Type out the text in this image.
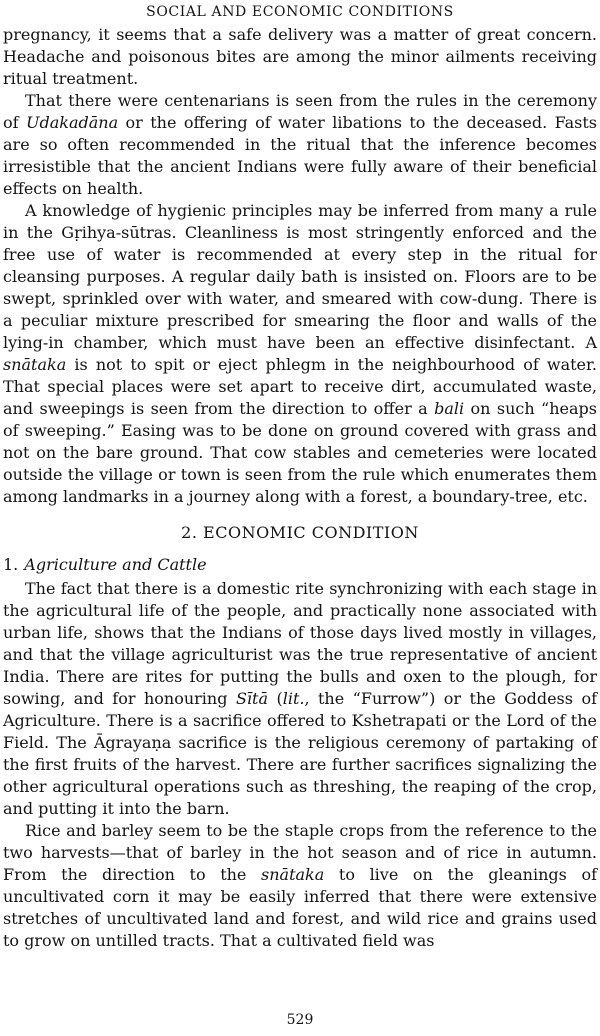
SOCIAL AND ECONOMIC CONDITIONS

pregnancy, it seems that a safe delivery was a matter of great concern. Headache and poisonous bites are among the minor ailments receiving ritual treatment.

That there were centenarians is seen from the rules in the ceremony of Udakadāna or the offering of water libations to the deceased. Fasts are so often recommended in the ritual that the inference becomes irresistible that the ancient Indians were fully aware of their beneficial effects on health.

A knowledge of hygienic principles may be inferred from many a rule in the Gṛihya-sūtras. Cleanliness is most stringently enforced and the free use of water is recommended at every step in the ritual for cleansing purposes. A regular daily bath is insisted on. Floors are to be swept, sprinkled over with water, and smeared with cow-dung. There is a peculiar mixture prescribed for smearing the floor and walls of the lying-in chamber, which must have been an effective disinfectant. A snātaka is not to spit or eject phlegm in the neighbourhood of water. That special places were set apart to receive dirt, accumulated waste, and sweepings is seen from the direction to offer a bali on such “heaps of sweeping.” Easing was to be done on ground covered with grass and not on the bare ground. That cow stables and cemeteries were located outside the village or town is seen from the rule which enumerates them among landmarks in a journey along with a forest, a boundary-tree, etc.

2. ECONOMIC CONDITION
1. Agriculture and Cattle

The fact that there is a domestic rite synchronizing with each stage in the agricultural life of the people, and practically none associated with urban life, shows that the Indians of those days lived mostly in villages, and that the village agriculturist was the true representative of ancient India. There are rites for putting the bulls and oxen to the plough, for sowing, and for honouring Sītā (lit., the “Furrow”) or the Goddess of Agriculture. There is a sacrifice offered to Kshetrapati or the Lord of the Field. The Āgrayaṇa sacrifice is the religious ceremony of partaking of the first fruits of the harvest. There are further sacrifices signalizing the other agricultural operations such as threshing, the reaping of the crop, and putting it into the barn.

Rice and barley seem to be the staple crops from the reference to the two harvests—that of barley in the hot season and of rice in autumn. From the direction to the snātaka to live on the gleanings of uncultivated corn it may be easily inferred that there were extensive stretches of uncultivated land and forest, and wild rice and grains used to grow on untilled tracts. That a cultivated field was

529
